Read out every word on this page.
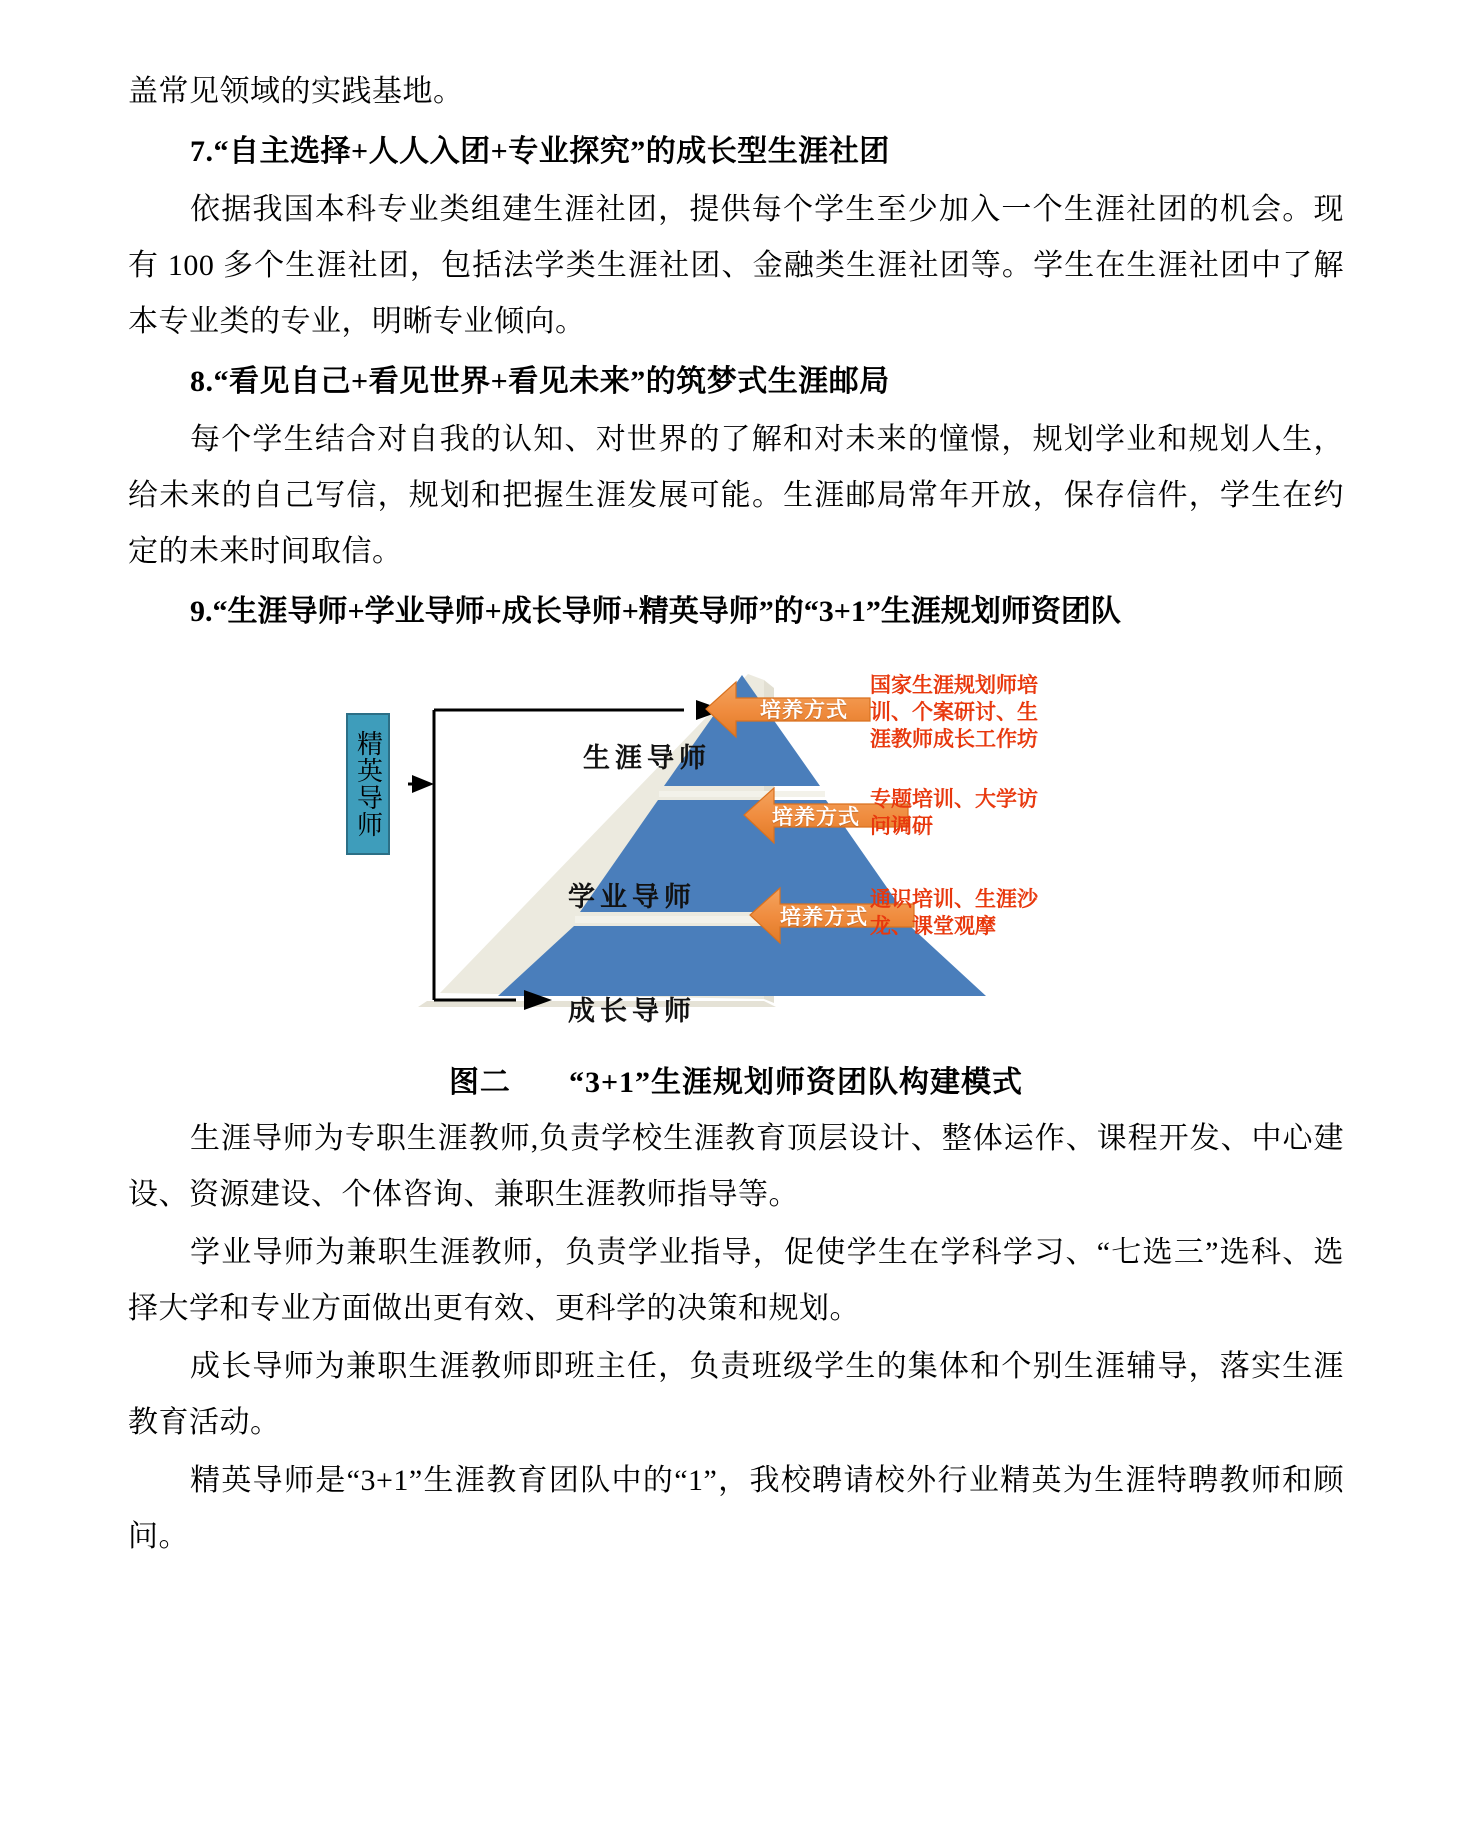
盖常见领域的实践基地。

7.“自主选择+人人入团+专业探究”的成长型生涯社团

依据我国本科专业类组建生涯社团，提供每个学生至少加入一个生涯社团的机会。现有 100 多个生涯社团，包括法学类生涯社团、金融类生涯社团等。学生在生涯社团中了解本专业类的专业，明晰专业倾向。

8.“看见自己+看见世界+看见未来”的筑梦式生涯邮局

每个学生结合对自我的认知、对世界的了解和对未来的憧憬，规划学业和规划人生，给未来的自己写信，规划和把握生涯发展可能。生涯邮局常年开放，保存信件，学生在约定的未来时间取信。

9.“生涯导师+学业导师+成长导师+精英导师”的“3+1”生涯规划师资团队

精英导师	生涯导师
学业导师
成长导师
培养方式
培养方式
培养方式
国家生涯规划师培训、个案研讨、生涯教师成长工作坊
专题培训、大学访问调研
通识培训、生涯沙龙、课堂观摩

图二 “3+1”生涯规划师资团队构建模式

生涯导师为专职生涯教师,负责学校生涯教育顶层设计、整体运作、课程开发、中心建设、资源建设、个体咨询、兼职生涯教师指导等。

学业导师为兼职生涯教师，负责学业指导，促使学生在学科学习、“七选三”选科、选择大学和专业方面做出更有效、更科学的决策和规划。

成长导师为兼职生涯教师即班主任，负责班级学生的集体和个别生涯辅导，落实生涯教育活动。

精英导师是“3+1”生涯教育团队中的“1”，我校聘请校外行业精英为生涯特聘教师和顾问。
